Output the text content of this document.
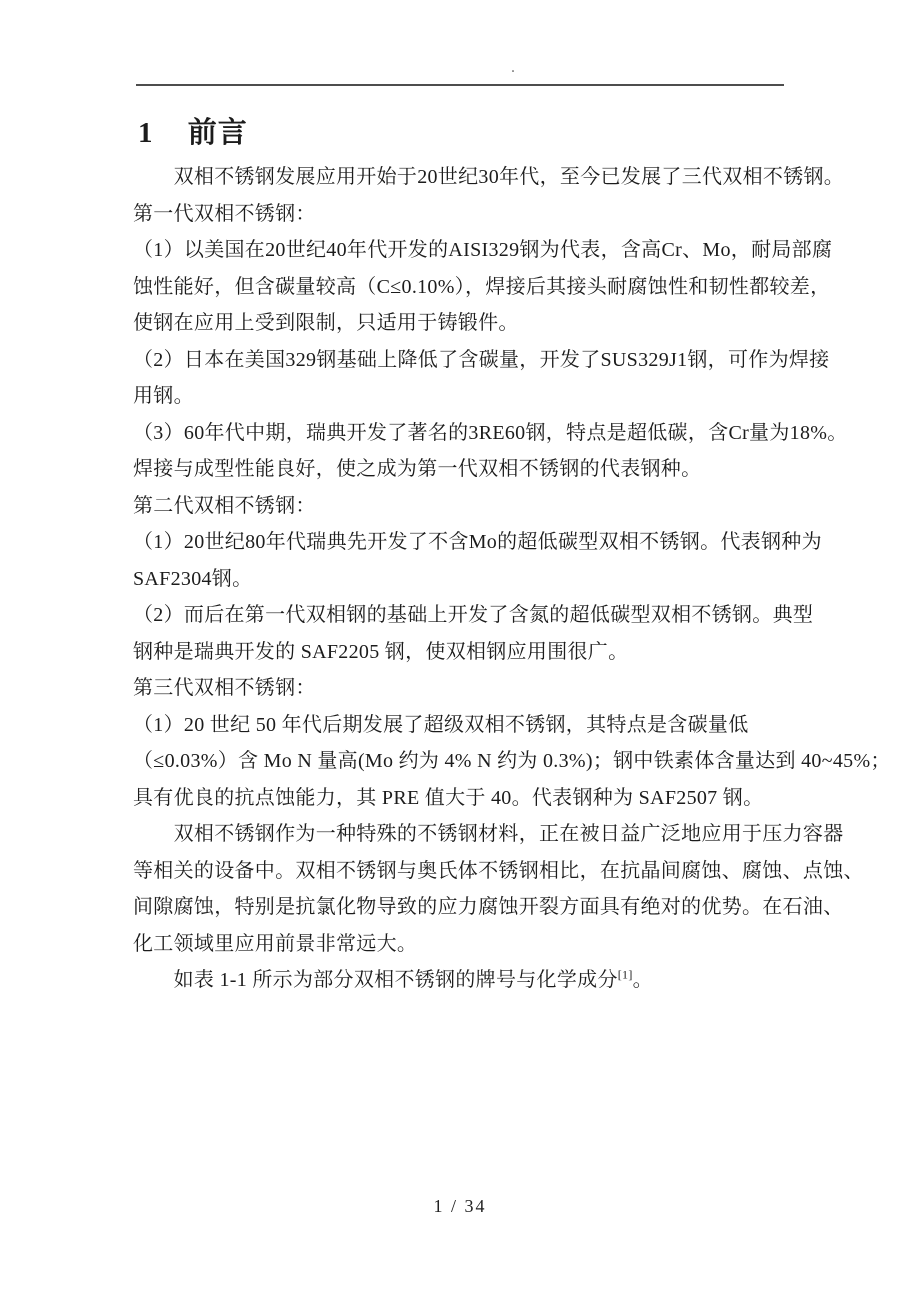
.
1 前言
　　双相不锈钢发展应用开始于20世纪30年代，至今已发展了三代双相不锈钢。
第一代双相不锈钢：
（1）以美国在20世纪40年代开发的AISI329钢为代表，含高Cr、Mo，耐局部腐
蚀性能好，但含碳量较高（C≤0.10%），焊接后其接头耐腐蚀性和韧性都较差，
使钢在应用上受到限制，只适用于铸锻件。
（2）日本在美国329钢基础上降低了含碳量，开发了SUS329J1钢，可作为焊接
用钢。
（3）60年代中期，瑞典开发了著名的3RE60钢，特点是超低碳，含Cr量为18%。
焊接与成型性能良好，使之成为第一代双相不锈钢的代表钢种。
第二代双相不锈钢：
（1）20世纪80年代瑞典先开发了不含Mo的超低碳型双相不锈钢。代表钢种为
SAF2304钢。
（2）而后在第一代双相钢的基础上开发了含氮的超低碳型双相不锈钢。典型
钢种是瑞典开发的 SAF2205 钢，使双相钢应用围很广。
第三代双相不锈钢：
（1）20 世纪 50 年代后期发展了超级双相不锈钢，其特点是含碳量低
（≤0.03%）含 Mo N 量高(Mo 约为 4% N 约为 0.3%)；钢中铁素体含量达到 40~45%；
具有优良的抗点蚀能力，其 PRE 值大于 40。代表钢种为 SAF2507 钢。
　　双相不锈钢作为一种特殊的不锈钢材料，正在被日益广泛地应用于压力容器
等相关的设备中。双相不锈钢与奥氏体不锈钢相比，在抗晶间腐蚀、腐蚀、点蚀、
间隙腐蚀，特别是抗氯化物导致的应力腐蚀开裂方面具有绝对的优势。在石油、
化工领域里应用前景非常远大。
　　如表 1-1 所示为部分双相不锈钢的牌号与化学成分[1]。
1 / 34
